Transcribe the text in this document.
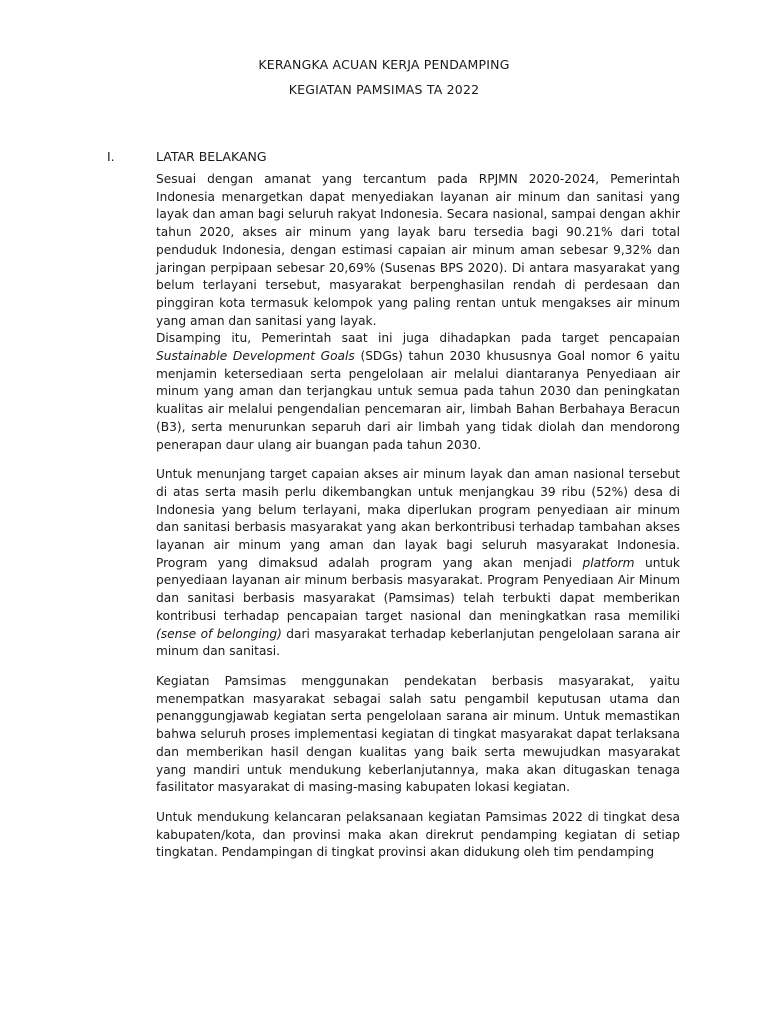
KERANGKA ACUAN KERJA PENDAMPING
KEGIATAN PAMSIMAS TA 2022
I.	LATAR BELAKANG

Sesuai dengan amanat yang tercantum pada RPJMN 2020-2024, Pemerintah Indonesia menargetkan dapat menyediakan layanan air minum dan sanitasi yang layak dan aman bagi seluruh rakyat Indonesia. Secara nasional, sampai dengan akhir tahun 2020, akses air minum yang layak baru tersedia bagi 90.21% dari total penduduk Indonesia, dengan estimasi capaian air minum aman sebesar 9,32% dan jaringan perpipaan sebesar 20,69% (Susenas BPS 2020). Di antara masyarakat yang belum terlayani tersebut, masyarakat berpenghasilan rendah di perdesaan dan pinggiran kota termasuk kelompok yang paling rentan untuk mengakses air minum yang aman dan sanitasi yang layak.

Disamping itu, Pemerintah saat ini juga dihadapkan pada target pencapaian Sustainable Development Goals (SDGs) tahun 2030 khususnya Goal nomor 6 yaitu menjamin ketersediaan serta pengelolaan air melalui diantaranya Penyediaan air minum yang aman dan terjangkau untuk semua pada tahun 2030 dan peningkatan kualitas air melalui pengendalian pencemaran air, limbah Bahan Berbahaya Beracun (B3), serta menurunkan separuh dari air limbah yang tidak diolah dan mendorong penerapan daur ulang air buangan pada tahun 2030.

Untuk menunjang target capaian akses air minum layak dan aman nasional tersebut di atas serta masih perlu dikembangkan untuk menjangkau 39 ribu (52%) desa di Indonesia yang belum terlayani, maka diperlukan program penyediaan air minum dan sanitasi berbasis masyarakat yang akan berkontribusi terhadap tambahan akses layanan air minum yang aman dan layak bagi seluruh masyarakat Indonesia. Program yang dimaksud adalah program yang akan menjadi platform untuk penyediaan layanan air minum berbasis masyarakat. Program Penyediaan Air Minum dan sanitasi berbasis masyarakat (Pamsimas) telah terbukti dapat memberikan kontribusi terhadap pencapaian target nasional dan meningkatkan rasa memiliki (sense of belonging) dari masyarakat terhadap keberlanjutan pengelolaan sarana air minum dan sanitasi.

Kegiatan Pamsimas menggunakan pendekatan berbasis masyarakat, yaitu menempatkan masyarakat sebagai salah satu pengambil keputusan utama dan penanggungjawab kegiatan serta pengelolaan sarana air minum. Untuk memastikan bahwa seluruh proses implementasi kegiatan di tingkat masyarakat dapat terlaksana dan memberikan hasil dengan kualitas yang baik serta mewujudkan masyarakat yang mandiri untuk mendukung keberlanjutannya, maka akan ditugaskan tenaga fasilitator masyarakat di masing-masing kabupaten lokasi kegiatan.

Untuk mendukung kelancaran pelaksanaan kegiatan Pamsimas 2022 di tingkat desa kabupaten/kota, dan provinsi maka akan direkrut pendamping kegiatan di setiap tingkatan. Pendampingan di tingkat provinsi akan didukung oleh tim pendamping
